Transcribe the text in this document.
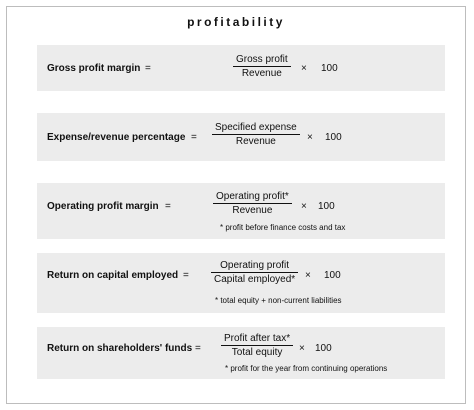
profitability
Gross profit margin =
Gross profit
Revenue	× 100
Expense/revenue percentage =
Specified expense
Revenue	× 100
Operating profit margin =
Operating profit*
Revenue	× 100
* profit before finance costs and tax
Return on capital employed =
Operating profit
Capital employed* × 100
* total equity + non-current liabilities
Return on shareholders' funds =
Profit after tax*
Total equity	× 100
* profit for the year from continuing operations
